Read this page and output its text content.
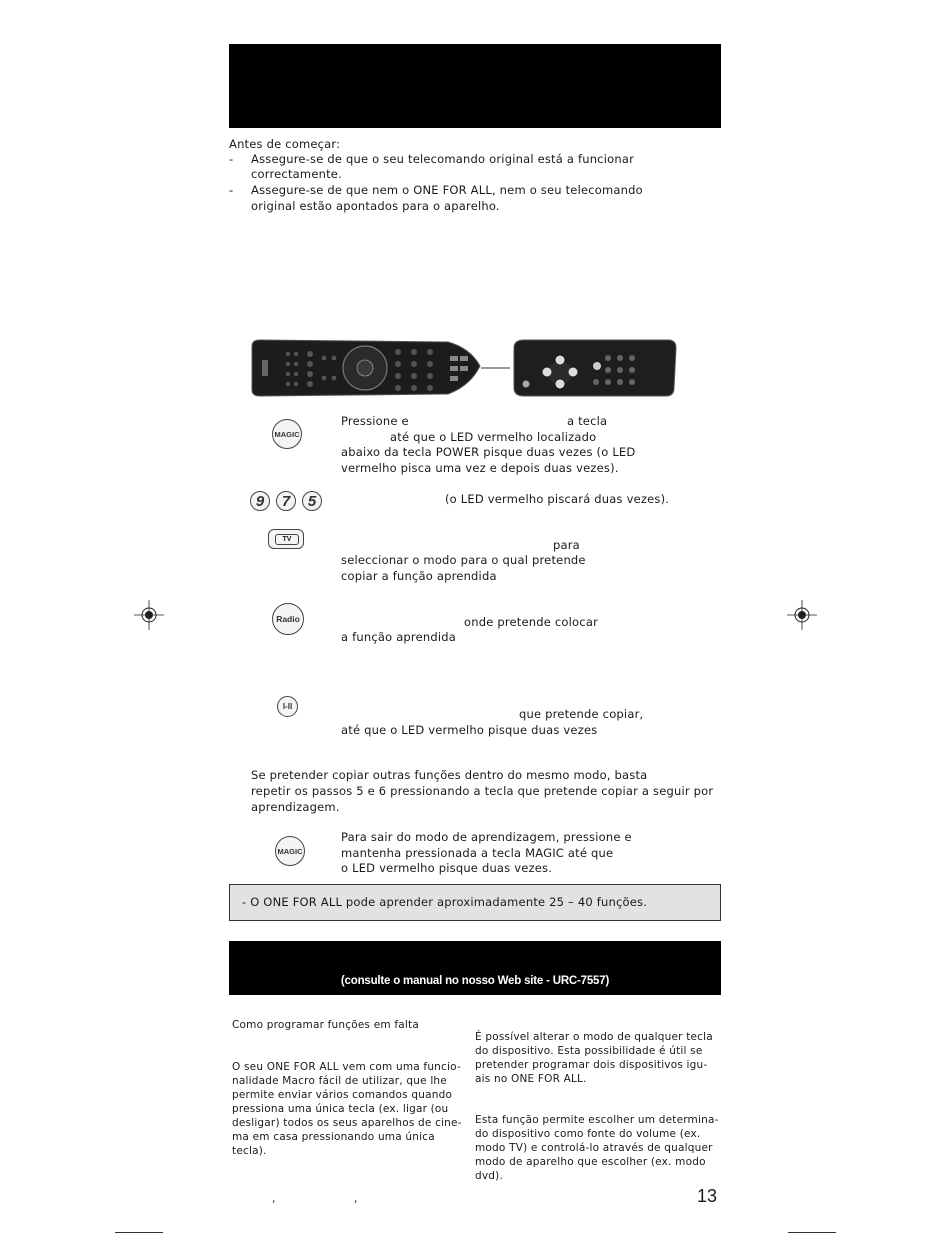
Antes de começar:
- Assegure-se de que o seu telecomando original está a funcionar
correctamente.
- Assegure-se de que nem o ONE FOR ALL, nem o seu telecomando
original estão apontados para o aparelho.
MAGIC
Pressione e	a tecla
até que o LED vermelho localizado
abaixo da tecla POWER pisque duas vezes (o LED
vermelho pisca uma vez e depois duas vezes).
9 7 5	(o LED vermelho piscará duas vezes).
TV	para
seleccionar o modo para o qual pretende
copiar a função aprendida
Radio	onde pretende colocar
a função aprendida
I-II
que pretende copiar,
até que o LED vermelho pisque duas vezes
Se pretender copiar outras funções dentro do mesmo modo, basta
repetir os passos 5 e 6 pressionando a tecla que pretende copiar a seguir por
aprendizagem.
MAGIC
Para sair do modo de aprendizagem, pressione e
mantenha pressionada a tecla MAGIC até que
o LED vermelho pisque duas vezes.
- O ONE FOR ALL pode aprender aproximadamente 25 – 40 funções.
(consulte o manual no nosso Web site - URC-7557)
Como programar funções em falta
O seu ONE FOR ALL vem com uma funcio-
nalidade Macro fácil de utilizar, que lhe
permite enviar vários comandos quando
pressiona uma única tecla (ex. ligar (ou
desligar) todos os seus aparelhos de cine-
ma em casa pressionando uma única
tecla).
,	,
É possível alterar o modo de qualquer tecla
do dispositivo. Esta possibilidade é útil se
pretender programar dois dispositivos igu-
ais no ONE FOR ALL.
Esta função permite escolher um determina-
do dispositivo como fonte do volume (ex.
modo TV) e controlá-lo através de qualquer
modo de aparelho que escolher (ex. modo
dvd).
13
